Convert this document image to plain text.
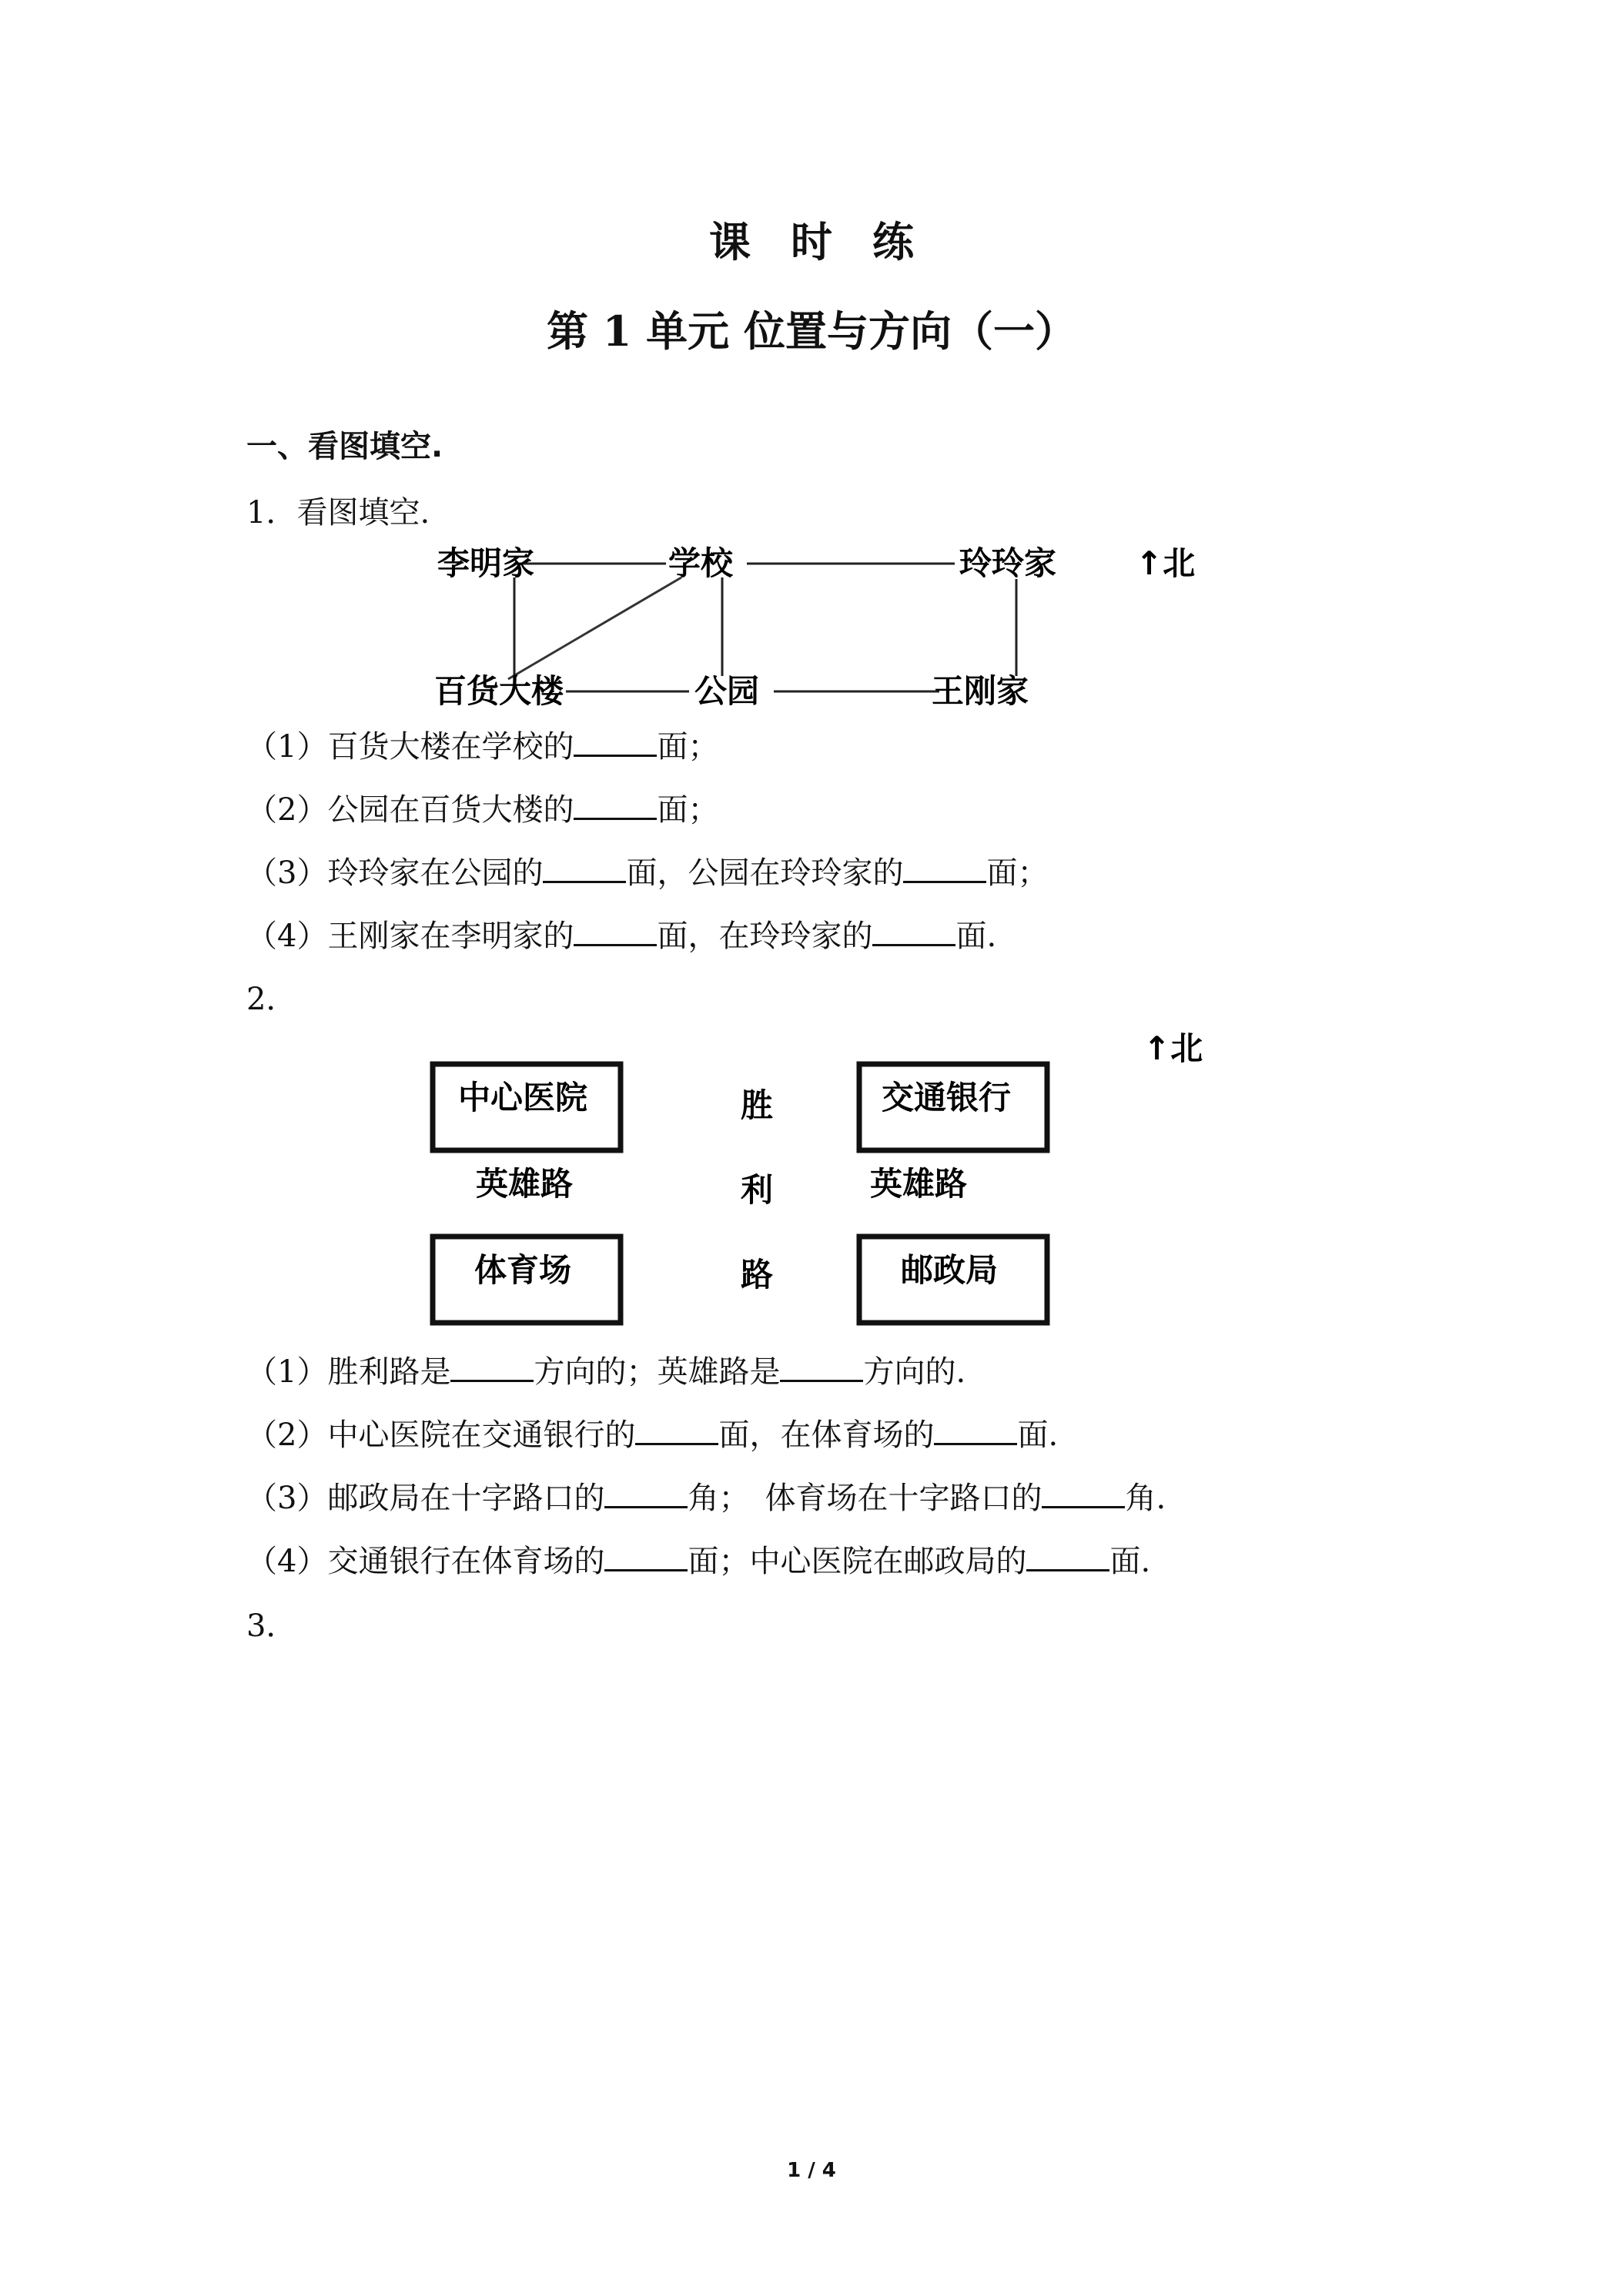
课时练
第 1 单元 位置与方向（一）
一、看图填空.
1．看图填空.
李明家	学校	玲玲家
百货大楼	公园	王刚家
↑北
（1）百货大楼在学校的	面；
（2）公园在百货大楼的	面；
（3）玲玲家在公园的	面，公园在玲玲家的	面；
（4）王刚家在李明家的	面，在玲玲家的	面.
2．
中心医院	交通银行
体育场	邮政局
胜
利
路
英雄路	英雄路
↑北
（1）胜利路是	方向的；英雄路是	方向的.
（2）中心医院在交通银行的	面，在体育场的	面.
（3）邮政局在十字路口的	角；　体育场在十字路口的	角.
（4）交通银行在体育场的	面；中心医院在邮政局的	面.
3．
1 / 4
